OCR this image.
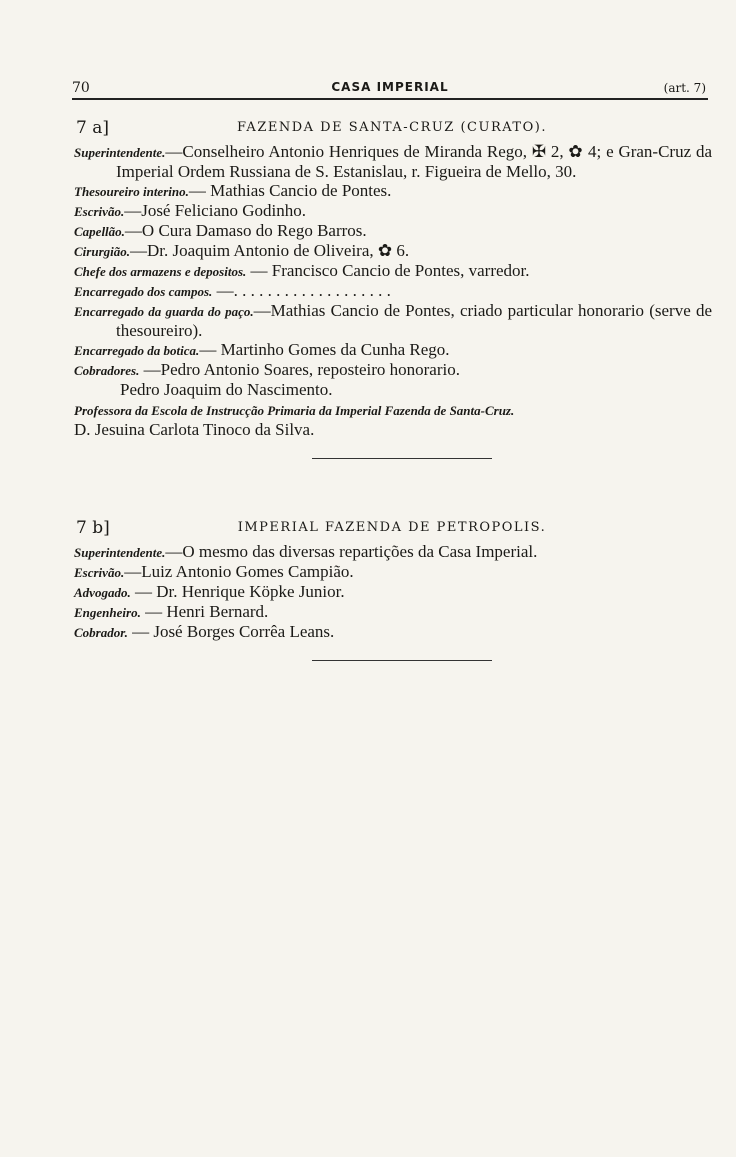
70	CASA IMPERIAL	(art. 7)
7 a]	FAZENDA DE SANTA-CRUZ (CURATO).

Superintendente.—Conselheiro Antonio Henriques de Miranda Rego, ✠ 2, ✿ 4; e Gran-Cruz da Imperial Ordem Russiana de S. Estanislau, r. Figueira de Mello, 30.

Thesoureiro interino.— Mathias Cancio de Pontes.

Escrivão.—José Feliciano Godinho.

Capellão.—O Cura Damaso do Rego Barros.

Cirurgião.—Dr. Joaquim Antonio de Oliveira, ✿ 6.

Chefe dos armazens e depositos. — Francisco Cancio de Pontes, varredor.

Encarregado dos campos. —. . . . . . . . . . . . . . . . . . .

Encarregado da guarda do paço.—Mathias Cancio de Pontes, criado particular honorario (serve de thesoureiro).

Encarregado da botica.— Martinho Gomes da Cunha Rego.

Cobradores. —Pedro Antonio Soares, reposteiro honorario.

Pedro Joaquim do Nascimento.

Professora da Escola de Instrucção Primaria da Imperial Fazenda de Santa-Cruz.

D. Jesuina Carlota Tinoco da Silva.

7 b]	IMPERIAL FAZENDA DE PETROPOLIS.

Superintendente.—O mesmo das diversas repartições da Casa Imperial.

Escrivão.—Luiz Antonio Gomes Campião.

Advogado. — Dr. Henrique Köpke Junior.

Engenheiro. — Henri Bernard.

Cobrador. — José Borges Corrêa Leans.
